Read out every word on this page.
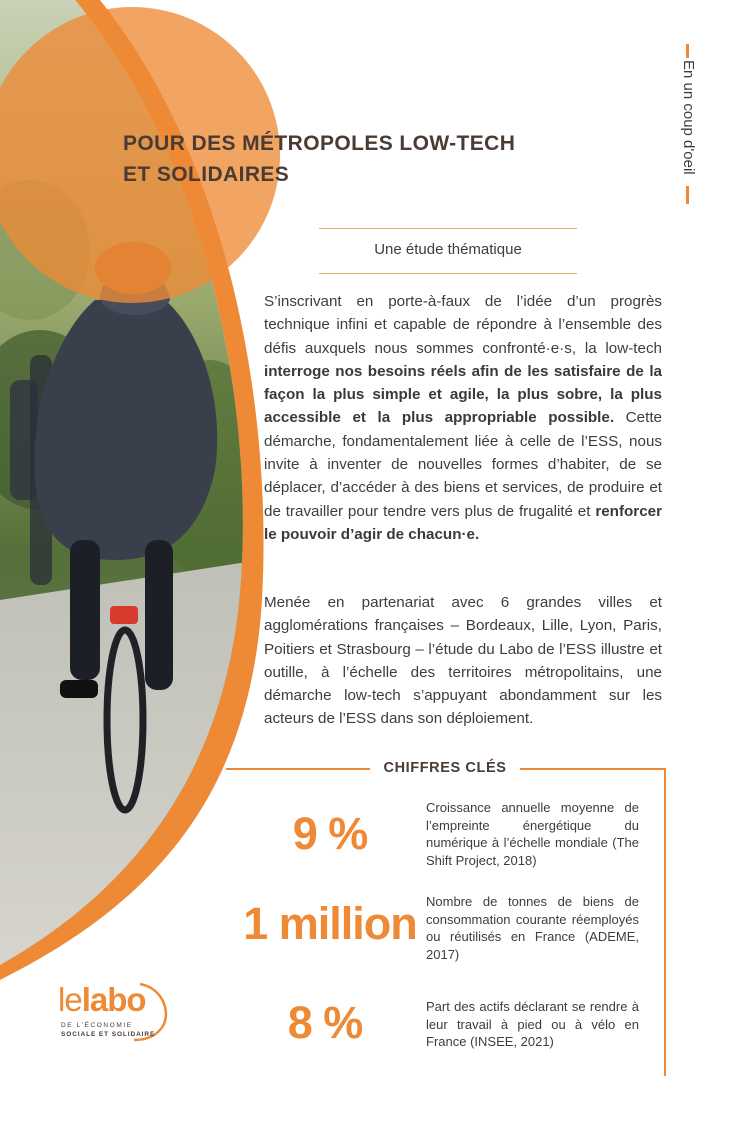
POUR DES MÉTROPOLES LOW-TECH
ET SOLIDAIRES	En un coup d'oeil
Une étude thématique

S’inscrivant en porte-à-faux de l’idée d’un progrès technique infini et capable de répondre à l’ensemble des défis auxquels nous sommes confronté·e·s, la low-tech interroge nos besoins réels afin de les satisfaire de la façon la plus simple et agile, la plus sobre, la plus accessible et la plus appropriable possible. Cette démarche, fondamentalement liée à celle de l’ESS, nous invite à inventer de nouvelles formes d’habiter, de se déplacer, d’accéder à des biens et services, de produire et de travailler pour tendre vers plus de frugalité et renforcer le pouvoir d’agir de chacun·e.

Menée en partenariat avec 6 grandes villes et agglomérations françaises – Bordeaux, Lille, Lyon, Paris, Poitiers et Strasbourg – l’étude du Labo de l’ESS illustre et outille, à l’échelle des territoires métropolitains, une démarche low-tech s’appuyant abondamment sur les acteurs de l’ESS dans son déploiement.

CHIFFRES CLÉS
9 %
Croissance annuelle moyenne de l’empreinte énergétique du numérique à l’échelle mondiale (The Shift Project, 2018)
1 million Nombre de tonnes de biens de consommation courante réemployés ou réutilisés en France (ADEME, 2017)
8 %	Part des actifs déclarant se rendre à leur travail à pied ou à vélo en France (INSEE, 2021)
lelabo
DE L’ÉCONOMIE
SOCIALE ET SOLIDAIRE
